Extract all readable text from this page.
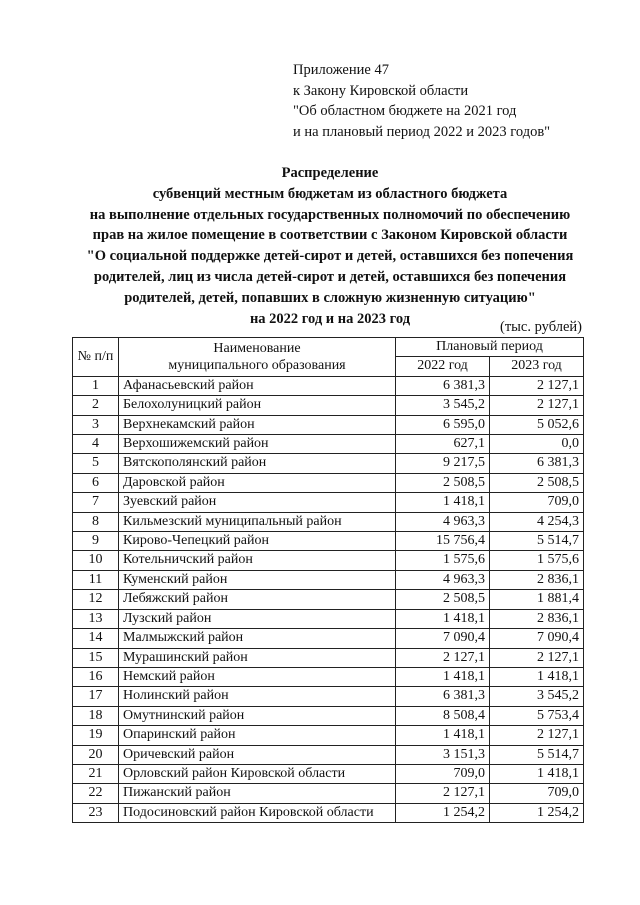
Приложение 47
к Закону Кировской области
"Об областном бюджете на 2021 год
и на плановый период 2022 и 2023 годов"
Распределение
субвенций местным бюджетам из областного бюджета
на выполнение отдельных государственных полномочий по обеспечению
прав на жилое помещение в соответствии с Законом Кировской области
"О социальной поддержке детей-сирот и детей, оставшихся без попечения
родителей, лиц из числа детей-сирот и детей, оставшихся без попечения
родителей, детей, попавших в сложную жизненную ситуацию"
на 2022 год и на 2023 год
(тыс. рублей)
№ п/п	Наименование
муниципального образования	Плановый период	
		2022 год	2023 год
1	Афанасьевский район	6 381,3	2 127,1
2	Белохолуницкий район	3 545,2	2 127,1
3	Верхнекамский район	6 595,0	5 052,6
4	Верхошижемский район	627,1	0,0
5	Вятскополянский район	9 217,5	6 381,3
6	Даровской район	2 508,5	2 508,5
7	Зуевский район	1 418,1	709,0
8	Кильмезский муниципальный район	4 963,3	4 254,3
9	Кирово-Чепецкий район	15 756,4	5 514,7
10	Котельничский район	1 575,6	1 575,6
11	Куменский район	4 963,3	2 836,1
12	Лебяжский район	2 508,5	1 881,4
13	Лузский район	1 418,1	2 836,1
14	Малмыжский район	7 090,4	7 090,4
15	Мурашинский район	2 127,1	2 127,1
16	Немский район	1 418,1	1 418,1
17	Нолинский район	6 381,3	3 545,2
18	Омутнинский район	8 508,4	5 753,4
19	Опаринский район	1 418,1	2 127,1
20	Оричевский район	3 151,3	5 514,7
21	Орловский район Кировской области	709,0	1 418,1
22	Пижанский район	2 127,1	709,0
23	Подосиновский район Кировской области	1 254,2	1 254,2
